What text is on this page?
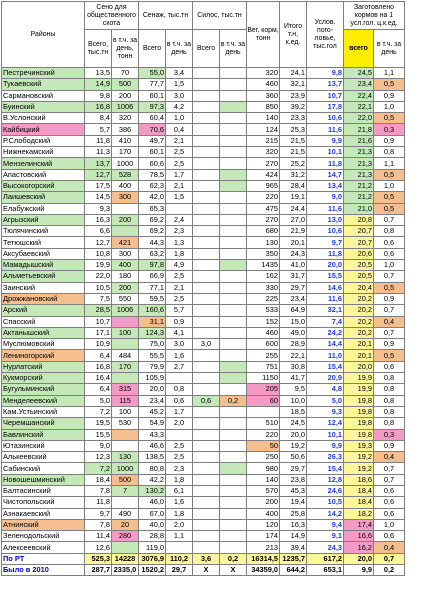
Районы	Сено для общественного скота		Сенаж, тыс.тн		Силос, тыс.тн		Вег. корм, тонн	Итого т.н, к.ед.	Услов. пого-ловье, тыс.гол	Заготовлено кормов на 1 усл.гол. ц.к.ед.	
	Всего, тыс.тн	в т.ч. за день, тонн	Всего	в т.ч. за день	Всего	в т.ч. за день				всего	в т.ч. за день
Пестречинский	13,5	70	55,0	3,4			320	24,1	9,8	24,5	1,1
Тукаевский	14,9	500	77,7	1,5			460	32,1	13,7	23,4	0,5
Сармановский	9,8	200	60,1	3,0			360	23,9	10,7	22,4	0,9
Буинский	16,8	1006	97,3	4,2			850	39,2	17,8	22,1	1,0
В.Услонский	8,4	320	60,4	1,0			140	23,3	10,6	22,0	0,5
Кайбицкий	5,7	386	70,6	0,4			124	25,3	11,6	21,8	0,3
Р.Слободский	11,8	410	49,7	2,1			215	21,5	9,9	21,6	0,9
Нижнекамский	11,3	170	60,1	2,5			320	21,5	10,1	21,3	0,8
Мензелинский	13,7	1000	60,6	2,5			270	25,2	11,8	21,3	1,1
Апастовский	12,7	528	78,5	1,7			424	31,2	14,7	21,3	0,5
Высокогорский	17,5	400	62,3	2,1			965	28,4	13,4	21,2	1,0
Лаишевский	14,5	300	42,0	1,5			220	19,1	9,0	21,2	0,5
Елабужский	9,3		65,3				475	24,4	11,6	21,0	0,5
Агрызский	16,3	200	69,2	2,4			270	27,0	13,0	20,8	0,7
Тюлячинский	6,6		69,2	2,3			680	21,9	10,6	20,7	0,8
Тетюшский	12,7	421	44,3	1,3			130	20,1	9,7	20,7	0,6
Аксубаевский	10,8	300	63,2	1,8			350	24,3	11,8	20,6	0,6
Мамадышский	19,9	400	97,8	4,9			1435	41,0	20,0	20,5	1,0
Альметьевский	22,0	180	66,9	2,5			162	31,7	15,5	20,5	0,7
Заинский	10,5	200	77,1	2,1			330	29,7	14,6	20,4	0,5
Дрожжановский	7,5	550	59,5	2,5			225	23,4	11,6	20,2	0,9
Арский	28,5	1006	160,6	5,7			533	64,9	32,1	20,2	0,7
Спасский	10,7		31,1	0,9			152	15,0	7,4	20,2	0,4
Актанышский	17,1	100	124,3	4,1			460	49,0	24,2	20,2	0,7
Муслюмовский	10,9		75,0	3,0	3,0		600	28,9	14,4	20,1	0,9
Лениногорский	6,4	484	55,5	1,6			255	22,1	11,0	20,1	0,5
Нурлатский	16,8	170	79,9	2,7			751	30,8	15,4	20,0	0,6
Кукморский	16,4		105,9				1150	41,7	20,9	19,9	0,8
Бугульминский	6,4	315	20,0	0,8			205	9,5	4,8	19,9	0,8
Менделеевский	5,0	115	23,4	0,6	0,6	0,2	60	10,0	5,0	19,8	0,8
Кам.Устьинский	7,2	100	45,2	1,7				18,5	9,3	19,8	0,8
Черемшанский	19,5	530	54,9	2,0			510	24,5	12,4	19,8	0,8
Бавлинский	15,5		43,3				220	20,0	10,1	19,8	0,3
Ютазинский	9,0		46,6	2,5			50	19,2	9,9	19,3	0,9
Алькеевский	12,3	130	138,5	2,5			250	50,6	26,3	19,2	0,4
Сабинский	7,2	1000	80,8	2,3			980	29,7	15,4	19,2	0,7
Новошешминский	18,4	500	42,2	1,8			140	23,8	12,8	18,6	0,7
Балтасинский	7,8	7	130,2	6,1			570	45,3	24,6	18,4	0,6
Чистопольский	11,8		46,0	1,6			200	19,4	10,5	18,4	0,6
Азнакаевский	9,7	490	67,0	1,8			400	25,8	14,2	18,2	0,6
Атнинский	7,8	20	40,0	2,0			120	16,3	9,4	17,4	1,0
Зеленодольский	11,4	280	28,8	1,1			174	14,9	9,1	16,6	0,6
Алексеевский	12,6		119,0				213	39,4	24,3	16,2	0,4
По РТ	525,3	14228	3076,9	110,2	3,6	0,2	16314,5	1235,7	617,2	20,0	0,7
Было в 2010	287,7	2335,0	1520,2	29,7	Х	Х	34359,0	644,2	653,1	9,9	0,2
